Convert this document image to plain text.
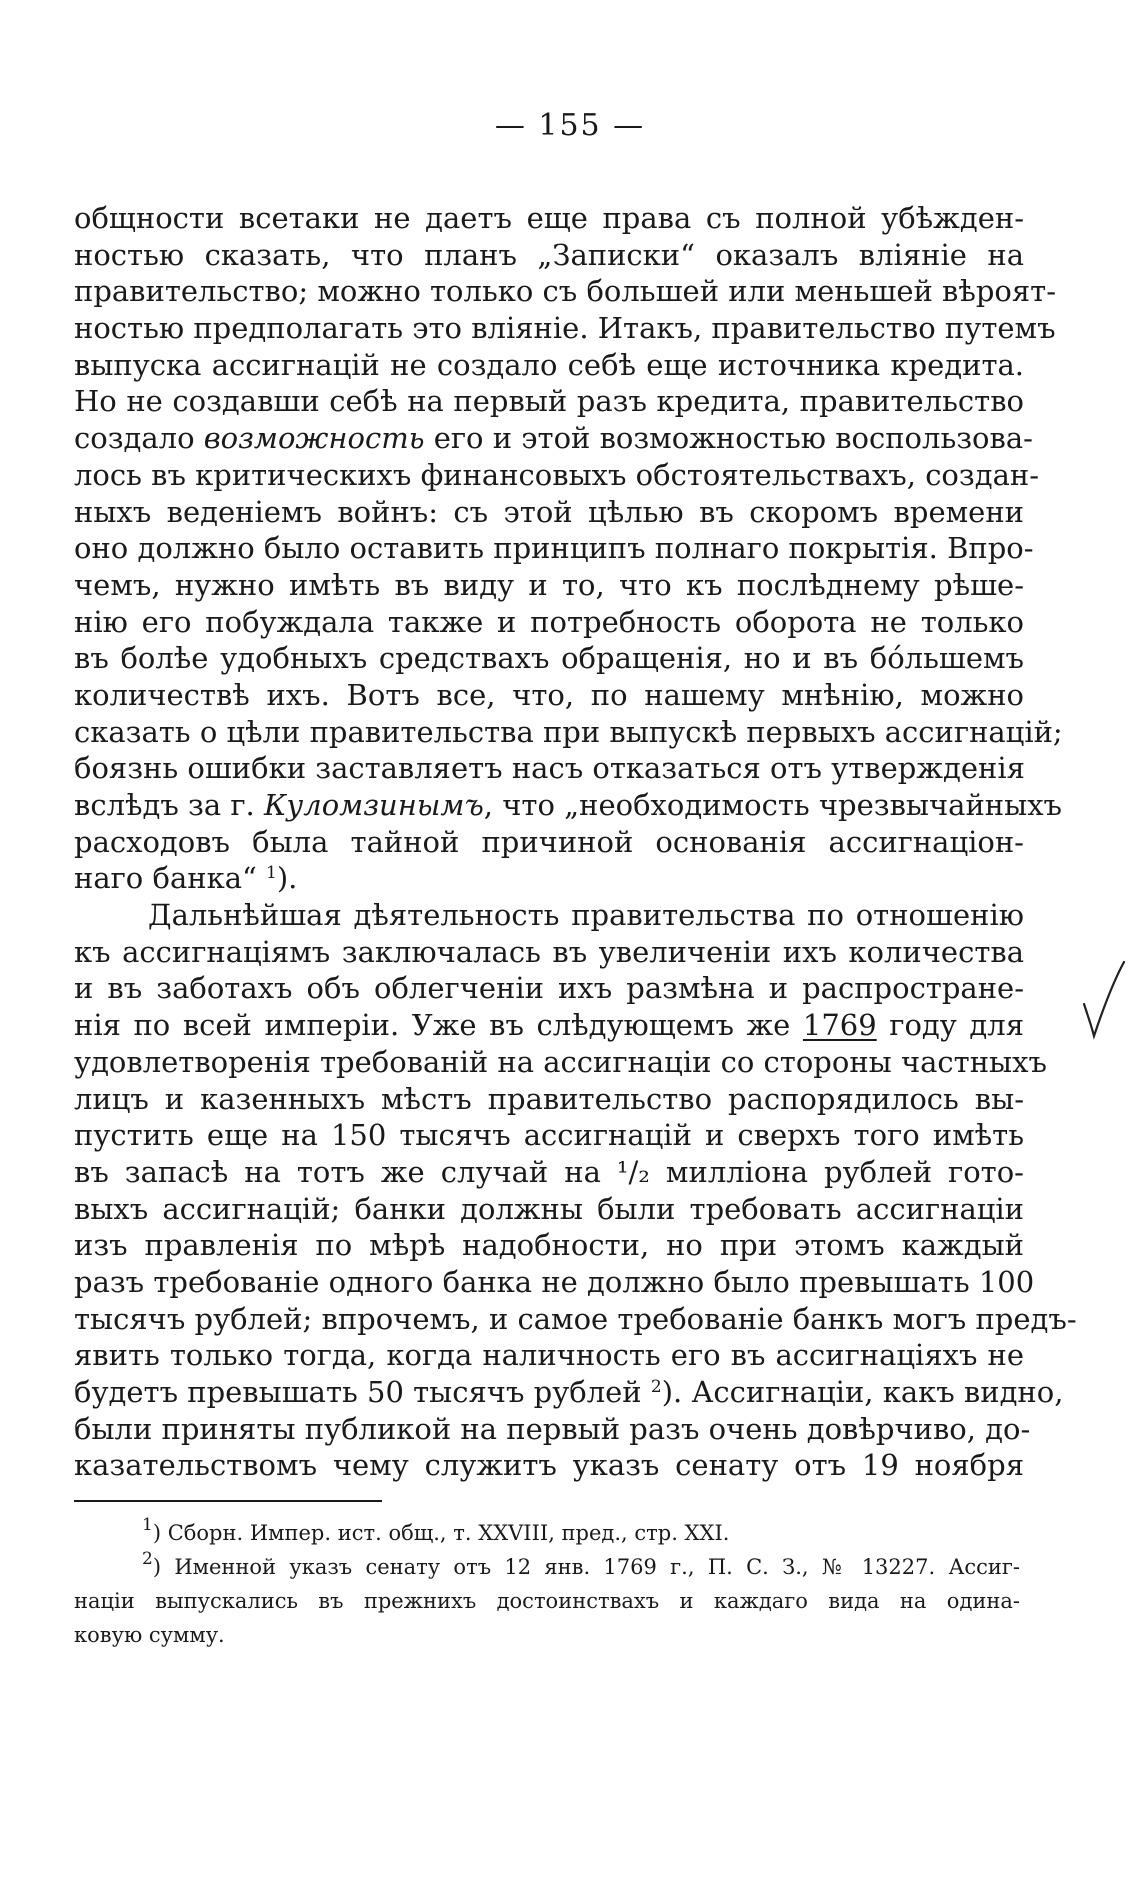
— 155 —
общности всетаки не даетъ еще права съ полной убѣжден-
ностью сказать, что планъ „Записки“ оказалъ вліяніе на
правительство; можно только съ большей или меньшей вѣроят-
ностью предполагать это вліяніе. Итакъ, правительство путемъ
выпуска ассигнацій не создало себѣ еще источника кредита.
Но не создавши себѣ на первый разъ кредита, правительство
создало возможность его и этой возможностью воспользова-
лось въ критическихъ финансовыхъ обстоятельствахъ, создан-
ныхъ веденіемъ войнъ: съ этой цѣлью въ скоромъ времени
оно должно было оставить принципъ полнаго покрытія. Впро-
чемъ, нужно имѣть въ виду и то, что къ послѣднему рѣше-
нію его побуждала также и потребность оборота не только
въ болѣе удобныхъ средствахъ обращенія, но и въ бóльшемъ
количествѣ ихъ. Вотъ все, что, по нашему мнѣнію, можно
сказать о цѣли правительства при выпускѣ первыхъ ассигнацій;
боязнь ошибки заставляетъ насъ отказаться отъ утвержденія
вслѣдъ за г. Куломзинымъ, что „необходимость чрезвычайныхъ
расходовъ была тайной причиной основанія ассигнаціон-
наго банка“ $^1$).
Дальнѣйшая дѣятельность правительства по отношенію
къ ассигнаціямъ заключалась въ увеличеніи ихъ количества
и въ заботахъ объ облегченіи ихъ размѣна и распростране-
нія по всей имперіи. Уже въ слѣдующемъ же 1769 году для
удовлетворенія требованій на ассигнаціи со стороны частныхъ
лицъ и казенныхъ мѣстъ правительство распорядилось вы-
пустить еще на 150 тысячъ ассигнацій и сверхъ того имѣть
въ запасѣ на тотъ же случай на ¹/₂ милліона рублей гото-
выхъ ассигнацій; банки должны были требовать ассигнаціи
изъ правленія по мѣрѣ надобности, но при этомъ каждый
разъ требованіе одного банка не должно было превышать 100
тысячъ рублей; впрочемъ, и самое требованіе банкъ могъ предъ-
явить только тогда, когда наличность его въ ассигнаціяхъ не
будетъ превышать 50 тысячъ рублей $^2$). Ассигнаціи, какъ видно,
были приняты публикой на первый разъ очень довѣрчиво, до-
казательствомъ чему служитъ указъ сенату отъ 19 ноября
$^1$) Сборн. Импер. ист. общ., т. XXVIII, пред., стр. XXI.
$^2$) Именной указъ сенату отъ 12 янв. 1769 г., П. С. З., № 13227. Ассиг-
націи выпускались въ прежнихъ достоинствахъ и каждаго вида на одина-
ковую сумму.
